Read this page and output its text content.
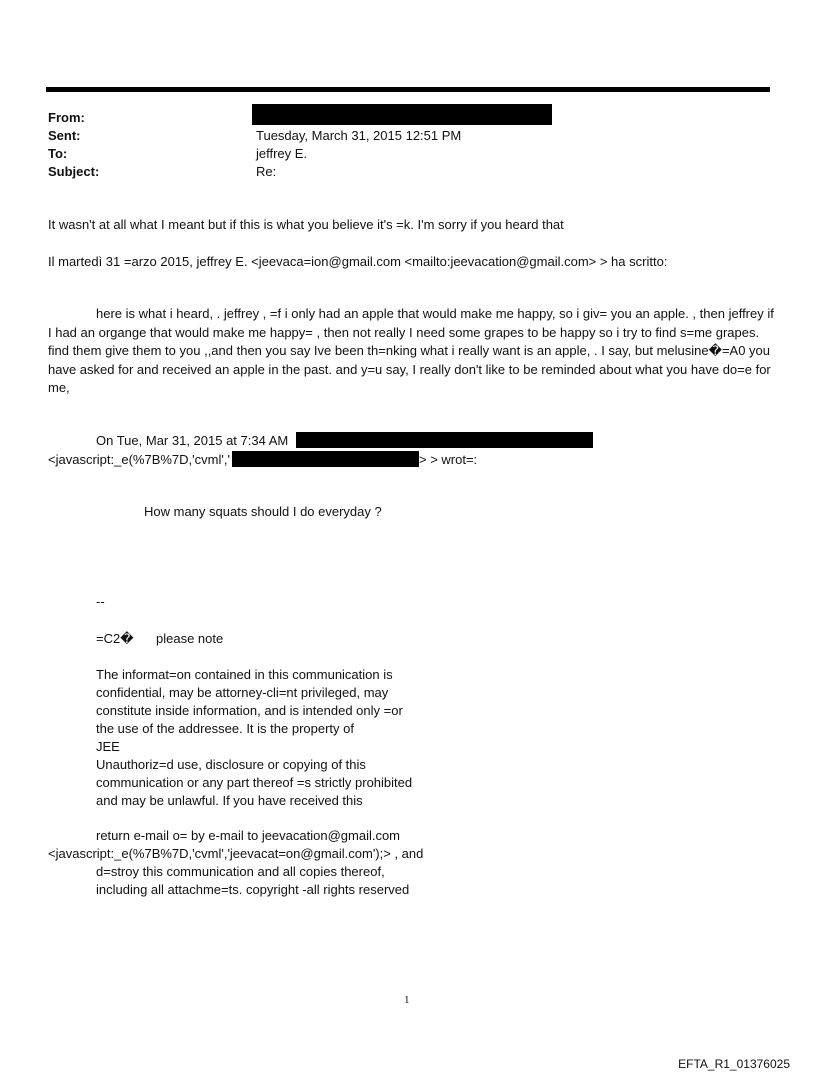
From:
Sent:	Tuesday, March 31, 2015 12:51 PM
To:	jeffrey E.
Subject:	Re:
It wasn't at all what I meant but if this is what you believe it's =k. I'm sorry if you heard that
Il martedì 31 =arzo 2015, jeffrey E. <jeevaca=ion@gmail.com <mailto:jeevacation@gmail.com> > ha scritto:
here is what i heard, . jeffrey , =f i only had an apple that would make me happy, so i giv= you an apple. , then jeffrey if I had an organge that would make me happy= , then not really I need some grapes to be happy so i try to find s=me grapes. find them give them to you ,,and then you say Ive been th=nking what i really want is an apple, . I say, but melusine�=A0 you have asked for and received an apple in the past. and y=u say, I really don't like to be reminded about what you have do=e for me,
On Tue, Mar 31, 2015 at 7:34 AM
<javascript:_e(%7B%7D,'cvml','	> > wrot=:
How many squats should I do everyday ?
--
=C2� please note
The informat=on contained in this communication is
confidential, may be attorney-cli=nt privileged, may
constitute inside information, and is intended only =or
the use of the addressee. It is the property of
JEE
Unauthoriz=d use, disclosure or copying of this
communication or any part thereof =s strictly prohibited
and may be unlawful. If you have received this
return e-mail o= by e-mail to jeevacation@gmail.com
<javascript:_e(%7B%7D,'cvml','jeevacat=on@gmail.com');> , and
d=stroy this communication and all copies thereof,
including all attachme=ts. copyright -all rights reserved
1
EFTA_R1_01376025
